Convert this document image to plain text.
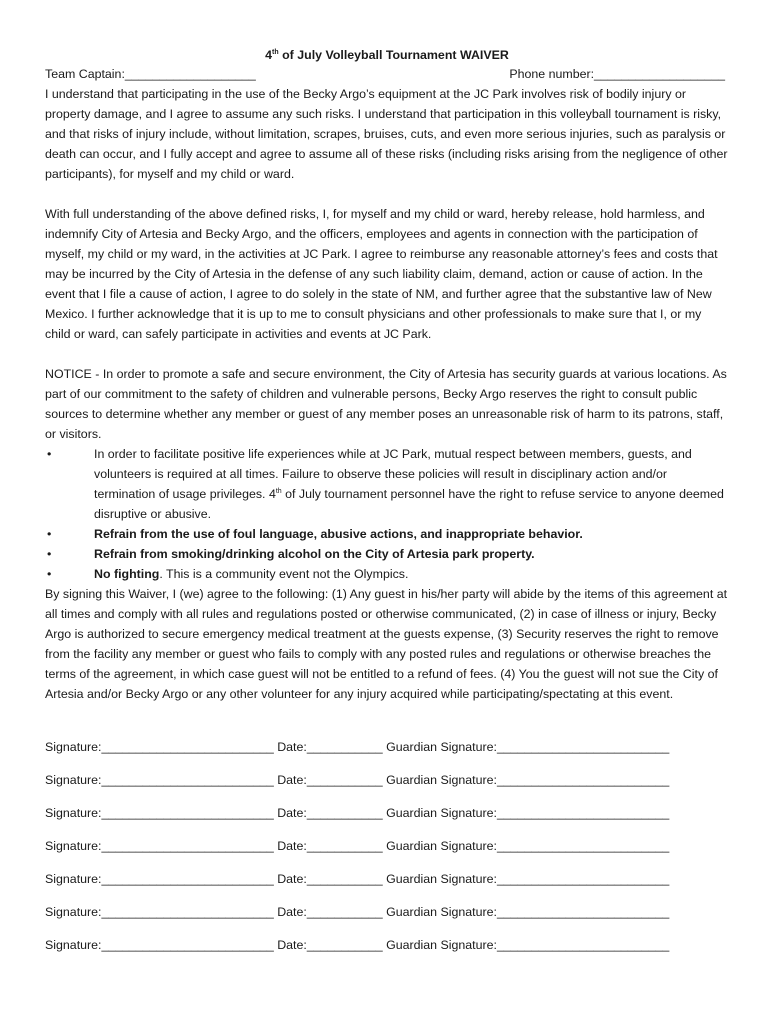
4th of July Volleyball Tournament WAIVER
Team Captain:___________________	Phone number:___________________

I understand that participating in the use of the Becky Argo’s equipment at the JC Park involves risk of bodily injury or property damage, and I agree to assume any such risks. I understand that participation in this volleyball tournament is risky, and that risks of injury include, without limitation, scrapes, bruises, cuts, and even more serious injuries, such as paralysis or death can occur, and I fully accept and agree to assume all of these risks (including risks arising from the negligence of other participants), for myself and my child or ward.

With full understanding of the above defined risks, I, for myself and my child or ward, hereby release, hold harmless, and indemnify City of Artesia and Becky Argo, and the officers, employees and agents in connection with the participation of myself, my child or my ward, in the activities at JC Park. I agree to reimburse any reasonable attorney’s fees and costs that may be incurred by the City of Artesia in the defense of any such liability claim, demand, action or cause of action. In the event that I file a cause of action, I agree to do solely in the state of NM, and further agree that the substantive law of New Mexico. I further acknowledge that it is up to me to consult physicians and other professionals to make sure that I, or my child or ward, can safely participate in activities and events at JC Park.

NOTICE - In order to promote a safe and secure environment, the City of Artesia has security guards at various locations. As part of our commitment to the safety of children and vulnerable persons, Becky Argo reserves the right to consult public sources to determine whether any member or guest of any member poses an unreasonable risk of harm to its patrons, staff, or visitors.

•	In order to facilitate positive life experiences while at JC Park, mutual respect between members, guests, and volunteers is required at all times. Failure to observe these policies will result in disciplinary action and/or termination of usage privileges. 4th of July tournament personnel have the right to refuse service to anyone deemed disruptive or abusive.
•	Refrain from the use of foul language, abusive actions, and inappropriate behavior.
•	Refrain from smoking/drinking alcohol on the City of Artesia park property.
•	No fighting. This is a community event not the Olympics.

By signing this Waiver, I (we) agree to the following: (1) Any guest in his/her party will abide by the items of this agreement at all times and comply with all rules and regulations posted or otherwise communicated, (2) in case of illness or injury, Becky Argo is authorized to secure emergency medical treatment at the guests expense, (3) Security reserves the right to remove from the facility any member or guest who fails to comply with any posted rules and regulations or otherwise breaches the terms of the agreement, in which case guest will not be entitled to a refund of fees. (4) You the guest will not sue the City of Artesia and/or Becky Argo or any other volunteer for any injury acquired while participating/spectating at this event.

Signature:_________________________ Date:___________ Guardian Signature:_________________________
Signature:_________________________ Date:___________ Guardian Signature:_________________________
Signature:_________________________ Date:___________ Guardian Signature:_________________________
Signature:_________________________ Date:___________ Guardian Signature:_________________________
Signature:_________________________ Date:___________ Guardian Signature:_________________________
Signature:_________________________ Date:___________ Guardian Signature:_________________________
Signature:_________________________ Date:___________ Guardian Signature:_________________________
